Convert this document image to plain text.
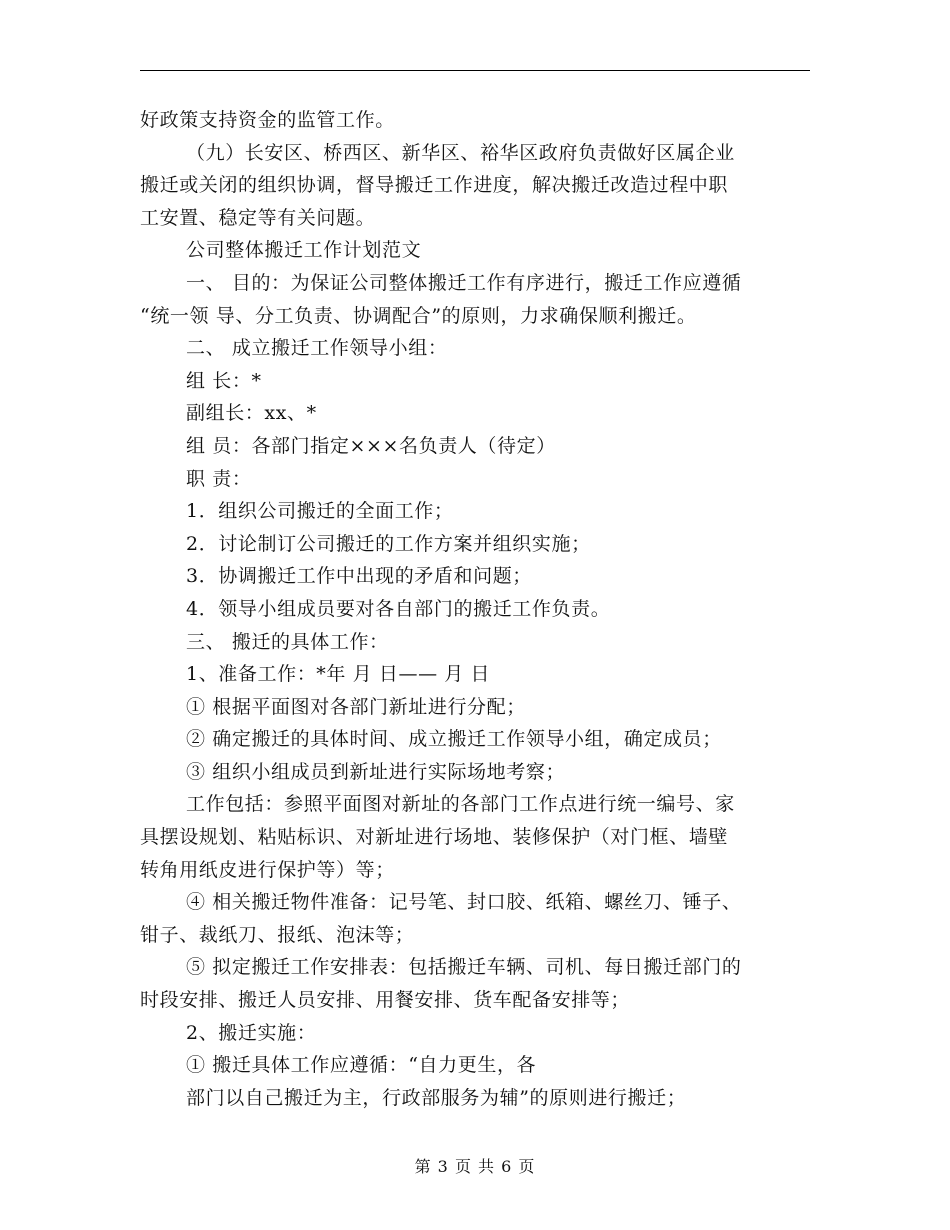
好政策支持资金的监管工作。

（九）长安区、桥西区、新华区、裕华区政府负责做好区属企业

搬迁或关闭的组织协调，督导搬迁工作进度，解决搬迁改造过程中职

工安置、稳定等有关问题。

公司整体搬迁工作计划范文

一、 目的：为保证公司整体搬迁工作有序进行，搬迁工作应遵循

“统一领 导、分工负责、协调配合”的原则，力求确保顺利搬迁。

二、 成立搬迁工作领导小组：

组 长：*

副组长：xx、*

组 员：各部门指定×××名负责人（待定）

职 责：

1．组织公司搬迁的全面工作；

2．讨论制订公司搬迁的工作方案并组织实施；

3．协调搬迁工作中出现的矛盾和问题；

4．领导小组成员要对各自部门的搬迁工作负责。

三、 搬迁的具体工作：

1、准备工作：*年 月 日—— 月 日

① 根据平面图对各部门新址进行分配；

② 确定搬迁的具体时间、成立搬迁工作领导小组，确定成员；

③ 组织小组成员到新址进行实际场地考察；

工作包括：参照平面图对新址的各部门工作点进行统一编号、家

具摆设规划、粘贴标识、对新址进行场地、装修保护（对门框、墙壁

转角用纸皮进行保护等）等；

④ 相关搬迁物件准备：记号笔、封口胶、纸箱、螺丝刀、锤子、

钳子、裁纸刀、报纸、泡沫等；

⑤ 拟定搬迁工作安排表：包括搬迁车辆、司机、每日搬迁部门的

时段安排、搬迁人员安排、用餐安排、货车配备安排等；

2、搬迁实施：

① 搬迁具体工作应遵循：“自力更生，各

部门以自己搬迁为主，行政部服务为辅”的原则进行搬迁；

第 3 页 共 6 页
